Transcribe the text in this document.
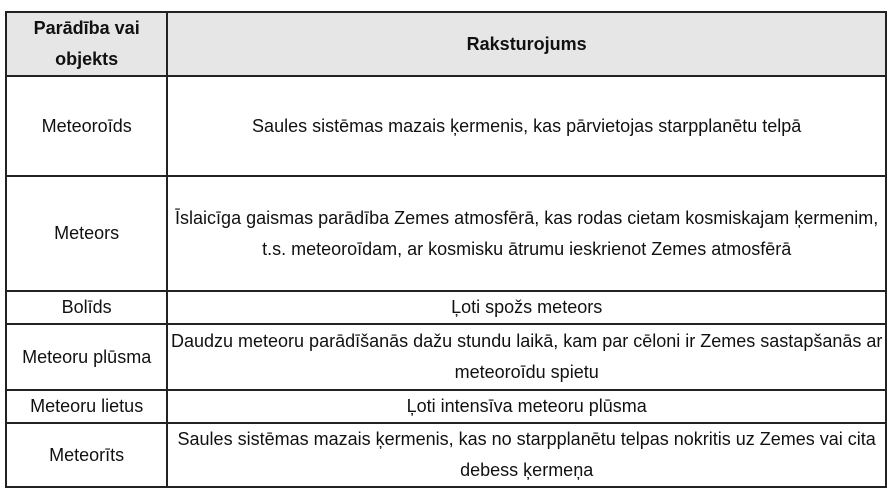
Parādība vai objekts	Raksturojums
Meteoroīds	Saules sistēmas mazais ķermenis, kas pārvietojas starpplanētu telpā
Meteors	Īslaicīga gaismas parādība Zemes atmosfērā, kas rodas cietam kosmiskajam ķermenim, t.s. meteoroīdam, ar kosmisku ātrumu ieskrienot Zemes atmosfērā
Bolīds	Ļoti spožs meteors
Meteoru plūsma	Daudzu meteoru parādīšanās dažu stundu laikā, kam par cēloni ir Zemes sastapšanās ar meteoroīdu spietu
Meteoru lietus	Ļoti intensīva meteoru plūsma
Meteorīts	Saules sistēmas mazais ķermenis, kas no starpplanētu telpas nokritis uz Zemes vai cita debess ķermeņa
